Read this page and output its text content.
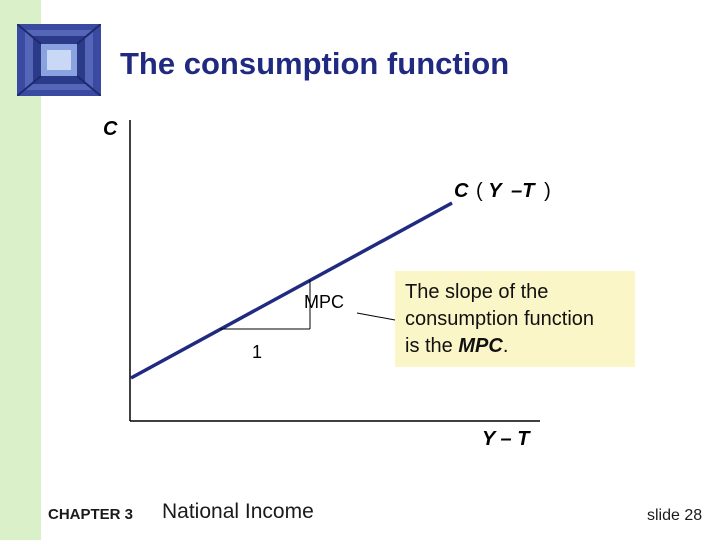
The consumption function
C
Y – T
C ( Y –T )
MPC
1
The slope of the
consumption function
is the MPC.
CHAPTER 3 National Income	slide 28
